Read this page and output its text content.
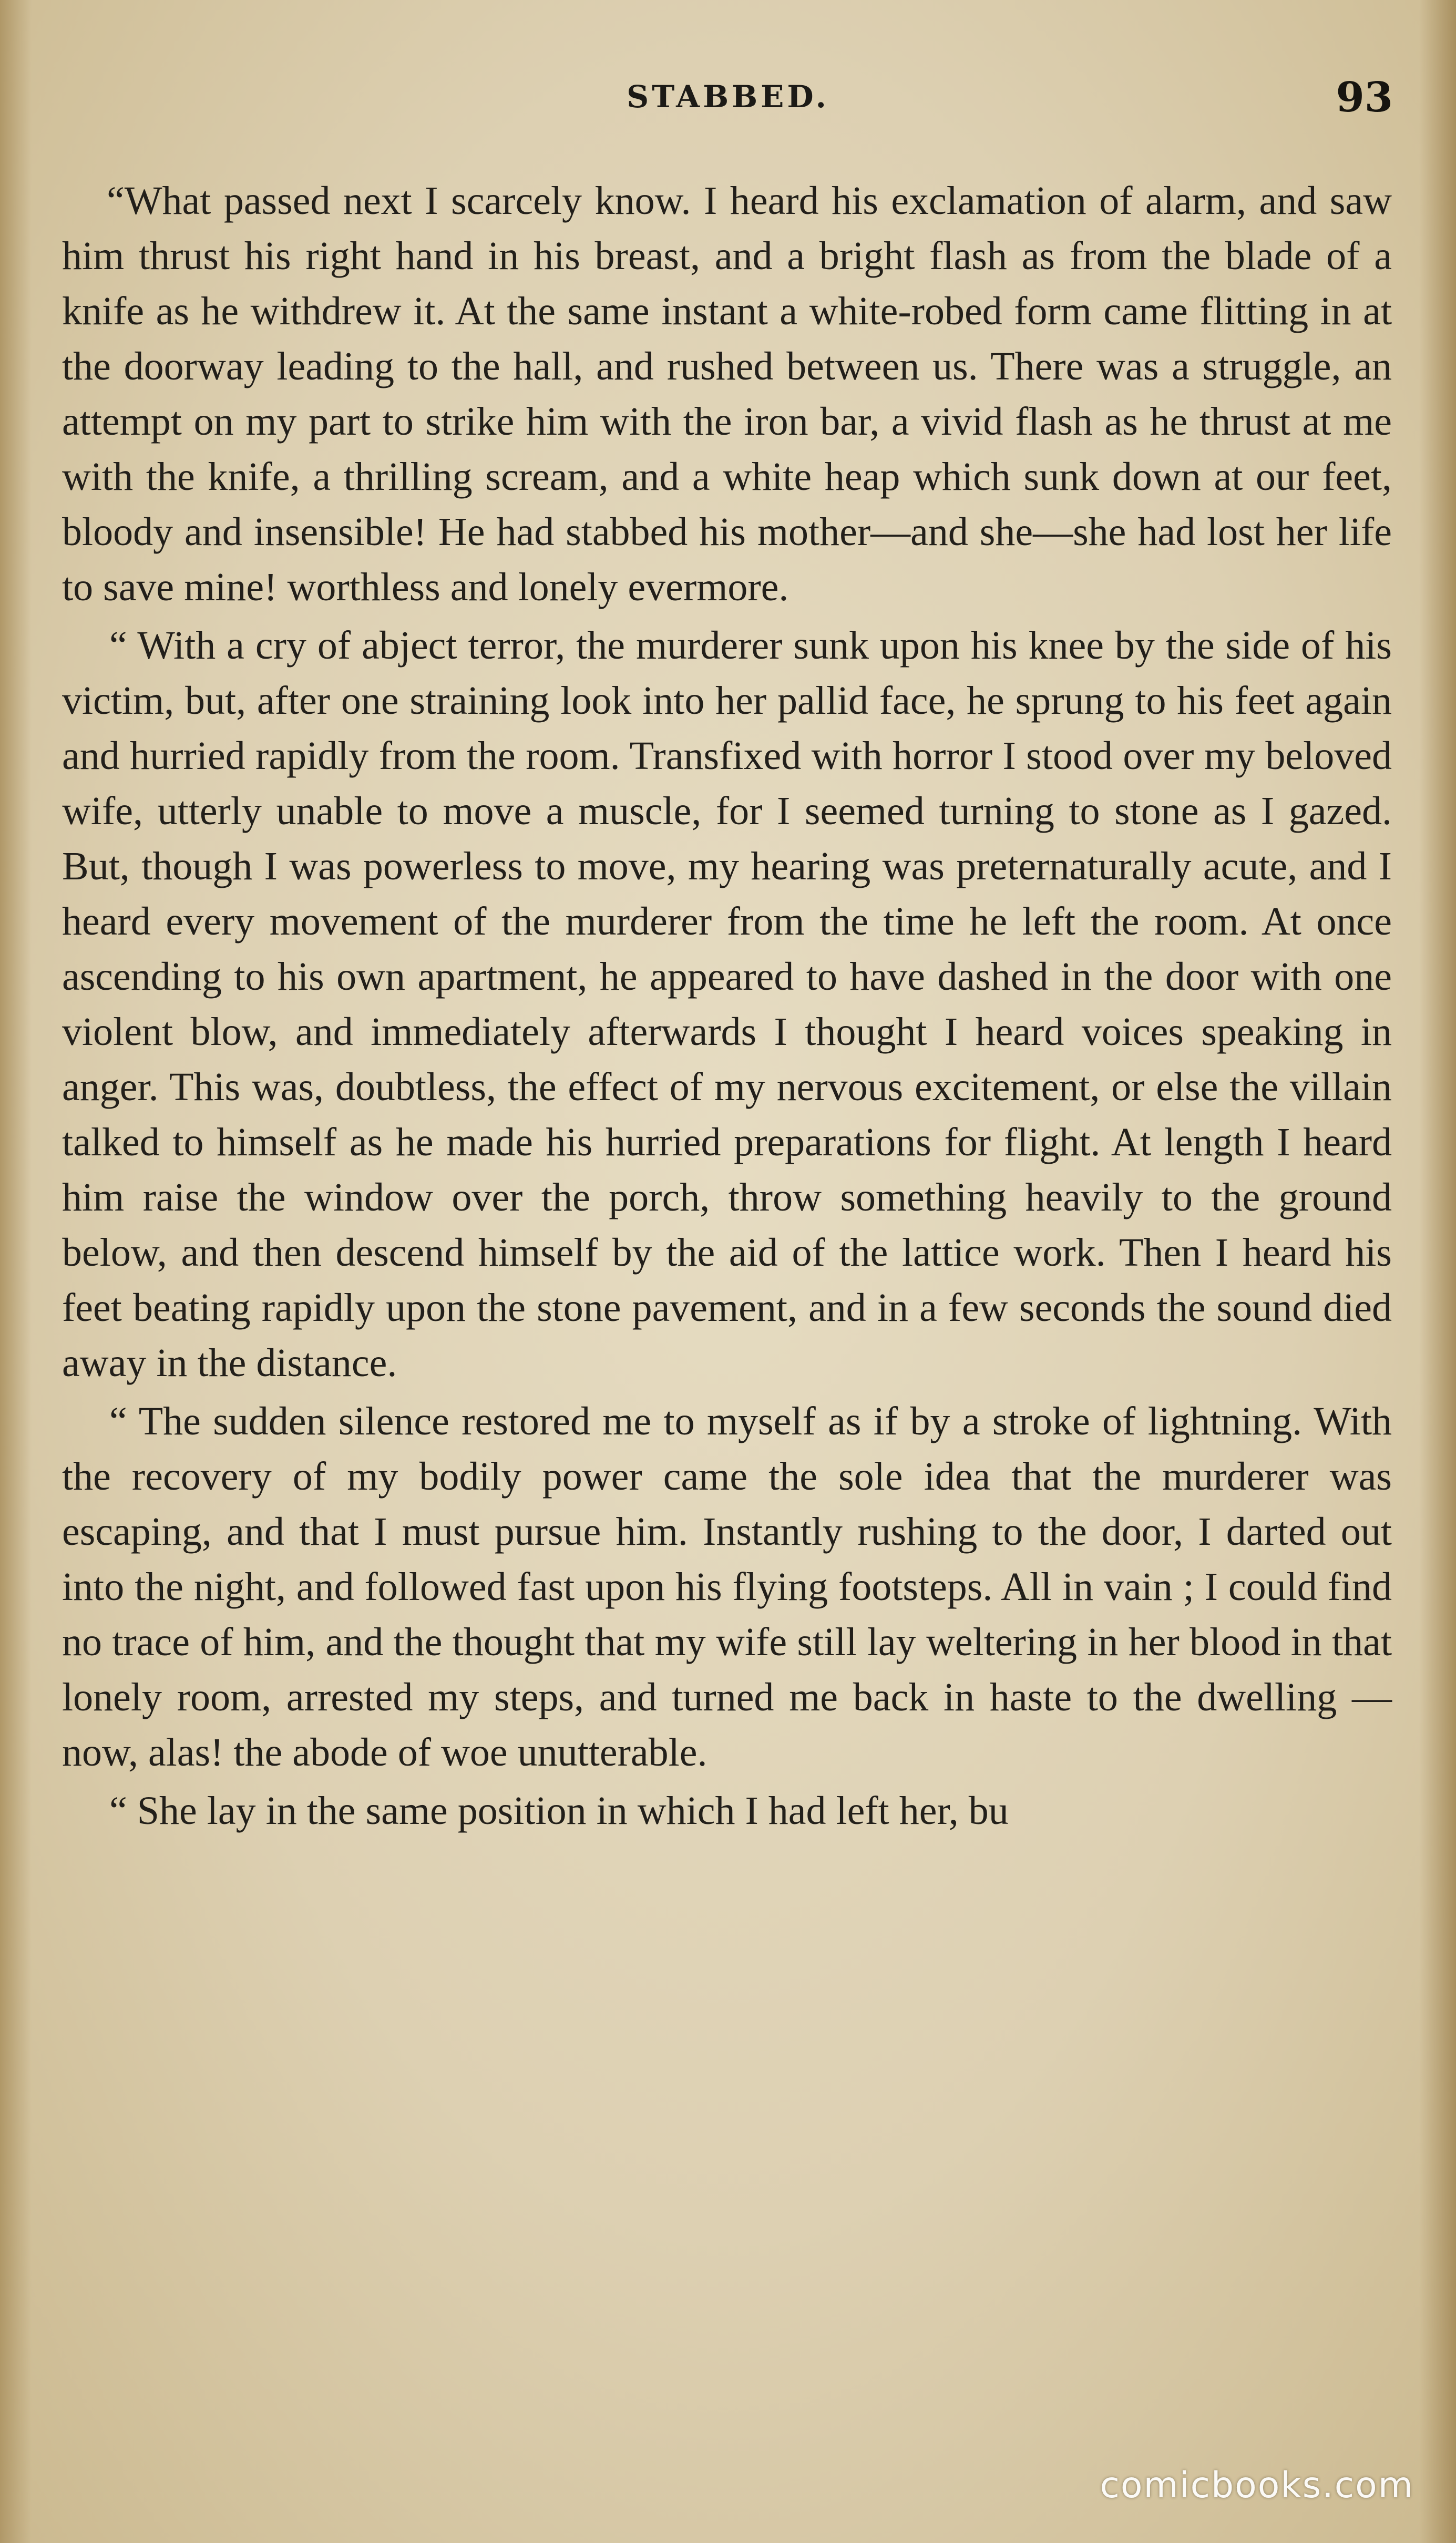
STABBED.	93

“What passed next I scarcely know. I heard his exclamation of alarm, and saw him thrust his right hand in his breast, and a bright flash as from the blade of a knife as he withdrew it. At the same instant a white-robed form came flitting in at the doorway leading to the hall, and rushed between us. There was a struggle, an attempt on my part to strike him with the iron bar, a vivid flash as he thrust at me with the knife, a thrilling scream, and a white heap which sunk down at our feet, bloody and insensible! He had stabbed his mother—and she—she had lost her life to save mine! worthless and lonely evermore.

“ With a cry of abject terror, the murderer sunk upon his knee by the side of his victim, but, after one straining look into her pallid face, he sprung to his feet again and hurried rapidly from the room. Transfixed with horror I stood over my beloved wife, utterly unable to move a muscle, for I seemed turning to stone as I gazed. But, though I was powerless to move, my hearing was preternaturally acute, and I heard every movement of the murderer from the time he left the room. At once ascending to his own apartment, he appeared to have dashed in the door with one violent blow, and immediately afterwards I thought I heard voices speaking in anger. This was, doubtless, the effect of my nervous excitement, or else the villain talked to himself as he made his hurried preparations for flight. At length I heard him raise the window over the porch, throw something heavily to the ground below, and then descend himself by the aid of the lattice work. Then I heard his feet beating rapidly upon the stone pavement, and in a few seconds the sound died away in the distance.

“ The sudden silence restored me to myself as if by a stroke of lightning. With the recovery of my bodily power came the sole idea that the murderer was escaping, and that I must pursue him. Instantly rushing to the door, I darted out into the night, and followed fast upon his flying footsteps. All in vain ; I could find no trace of him, and the thought that my wife still lay weltering in her blood in that lonely room, arrested my steps, and turned me back in haste to the dwelling —now, alas! the abode of woe unutterable.

“ She lay in the same position in which I had left her, bu

comicbooks.com
